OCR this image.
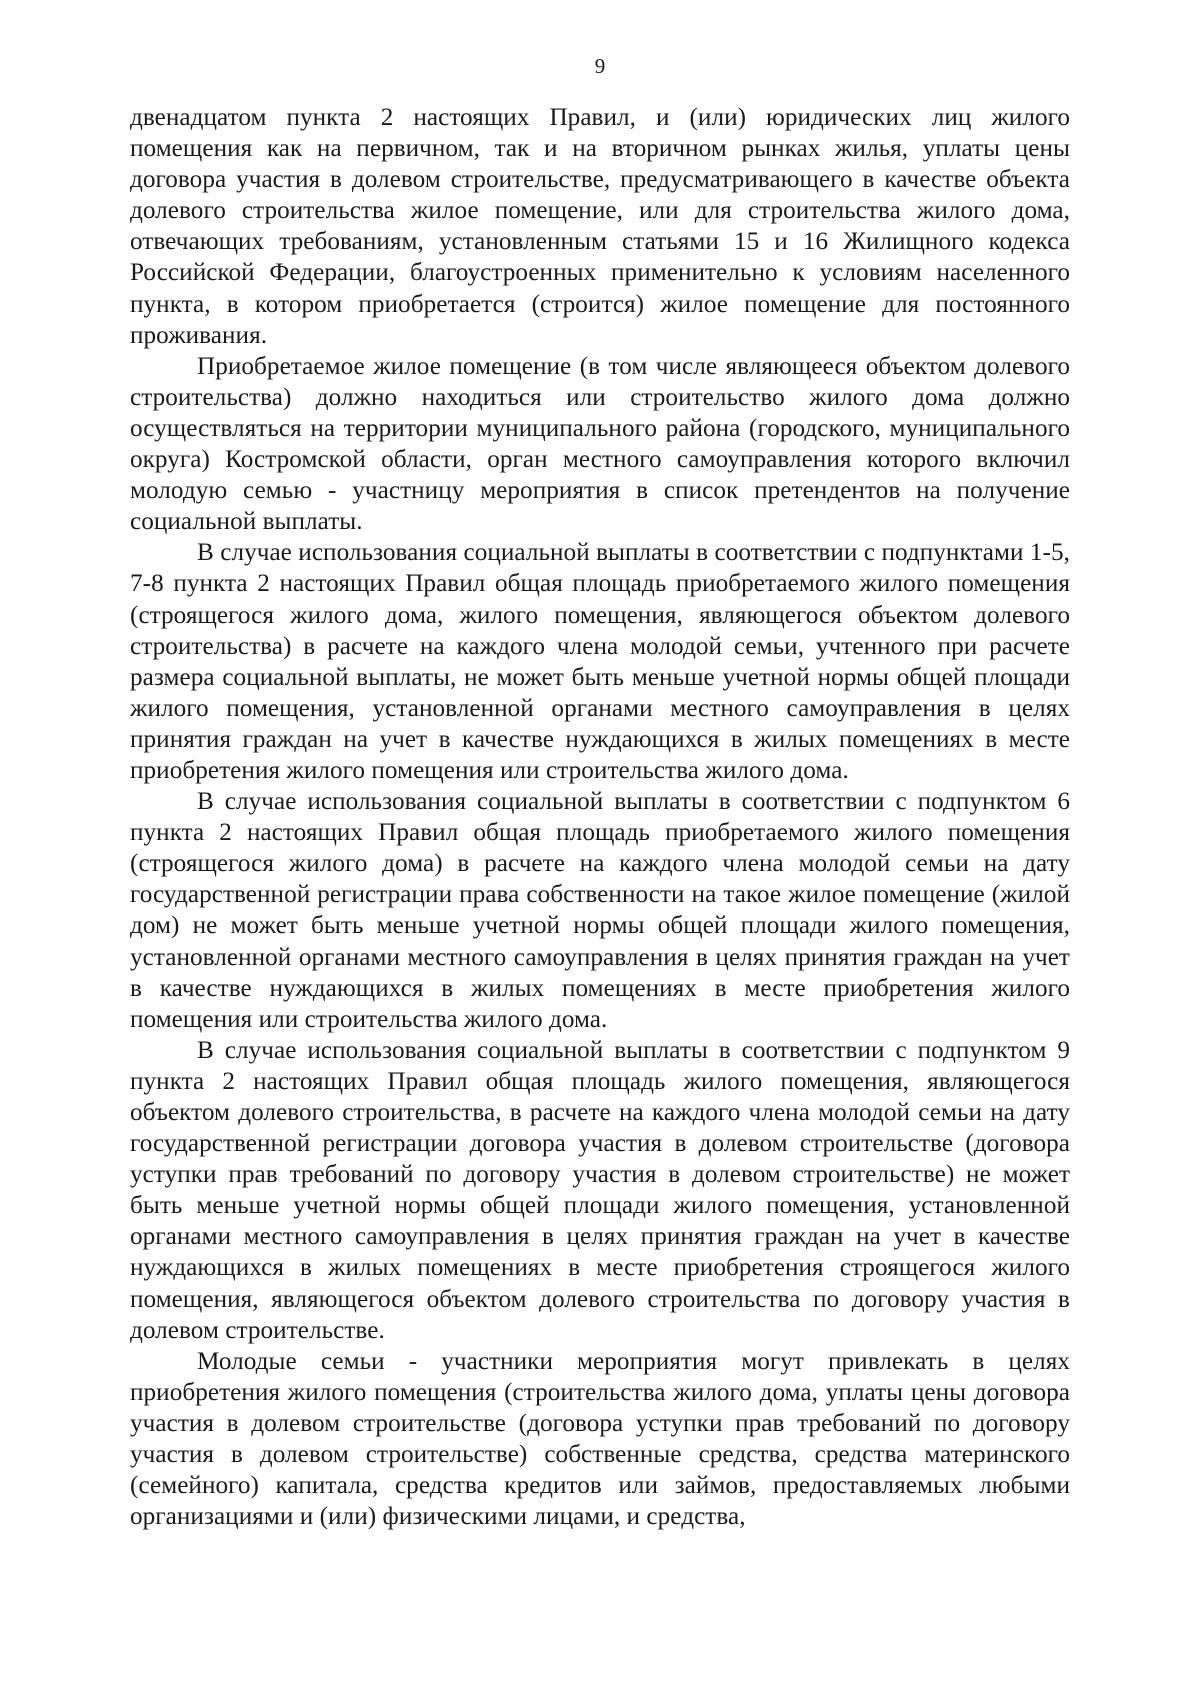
9

двенадцатом пункта 2 настоящих Правил, и (или) юридических лиц жилого помещения как на первичном, так и на вторичном рынках жилья, уплаты цены договора участия в долевом строительстве, предусматривающего в качестве объекта долевого строительства жилое помещение, или для строительства жилого дома, отвечающих требованиям, установленным статьями 15 и 16 Жилищного кодекса Российской Федерации, благоустроенных применительно к условиям населенного пункта, в котором приобретается (строится) жилое помещение для постоянного проживания.

Приобретаемое жилое помещение (в том числе являющееся объектом долевого строительства) должно находиться или строительство жилого дома должно осуществляться на территории муниципального района (городского, муниципального округа) Костромской области, орган местного самоуправления которого включил молодую семью - участницу мероприятия в список претендентов на получение социальной выплаты.

В случае использования социальной выплаты в соответствии с подпунктами 1-5, 7-8 пункта 2 настоящих Правил общая площадь приобретаемого жилого помещения (строящегося жилого дома, жилого помещения, являющегося объектом долевого строительства) в расчете на каждого члена молодой семьи, учтенного при расчете размера социальной выплаты, не может быть меньше учетной нормы общей площади жилого помещения, установленной органами местного самоуправления в целях принятия граждан на учет в качестве нуждающихся в жилых помещениях в месте приобретения жилого помещения или строительства жилого дома.

В случае использования социальной выплаты в соответствии с подпунктом 6 пункта 2 настоящих Правил общая площадь приобретаемого жилого помещения (строящегося жилого дома) в расчете на каждого члена молодой семьи на дату государственной регистрации права собственности на такое жилое помещение (жилой дом) не может быть меньше учетной нормы общей площади жилого помещения, установленной органами местного самоуправления в целях принятия граждан на учет в качестве нуждающихся в жилых помещениях в месте приобретения жилого помещения или строительства жилого дома.

В случае использования социальной выплаты в соответствии с подпунктом 9 пункта 2 настоящих Правил общая площадь жилого помещения, являющегося объектом долевого строительства, в расчете на каждого члена молодой семьи на дату государственной регистрации договора участия в долевом строительстве (договора уступки прав требований по договору участия в долевом строительстве) не может быть меньше учетной нормы общей площади жилого помещения, установленной органами местного самоуправления в целях принятия граждан на учет в качестве нуждающихся в жилых помещениях в месте приобретения строящегося жилого помещения, являющегося объектом долевого строительства по договору участия в долевом строительстве.

Молодые семьи - участники мероприятия могут привлекать в целях приобретения жилого помещения (строительства жилого дома, уплаты цены договора участия в долевом строительстве (договора уступки прав требований по договору участия в долевом строительстве) собственные средства, средства материнского (семейного) капитала, средства кредитов или займов, предоставляемых любыми организациями и (или) физическими лицами, и средства,
